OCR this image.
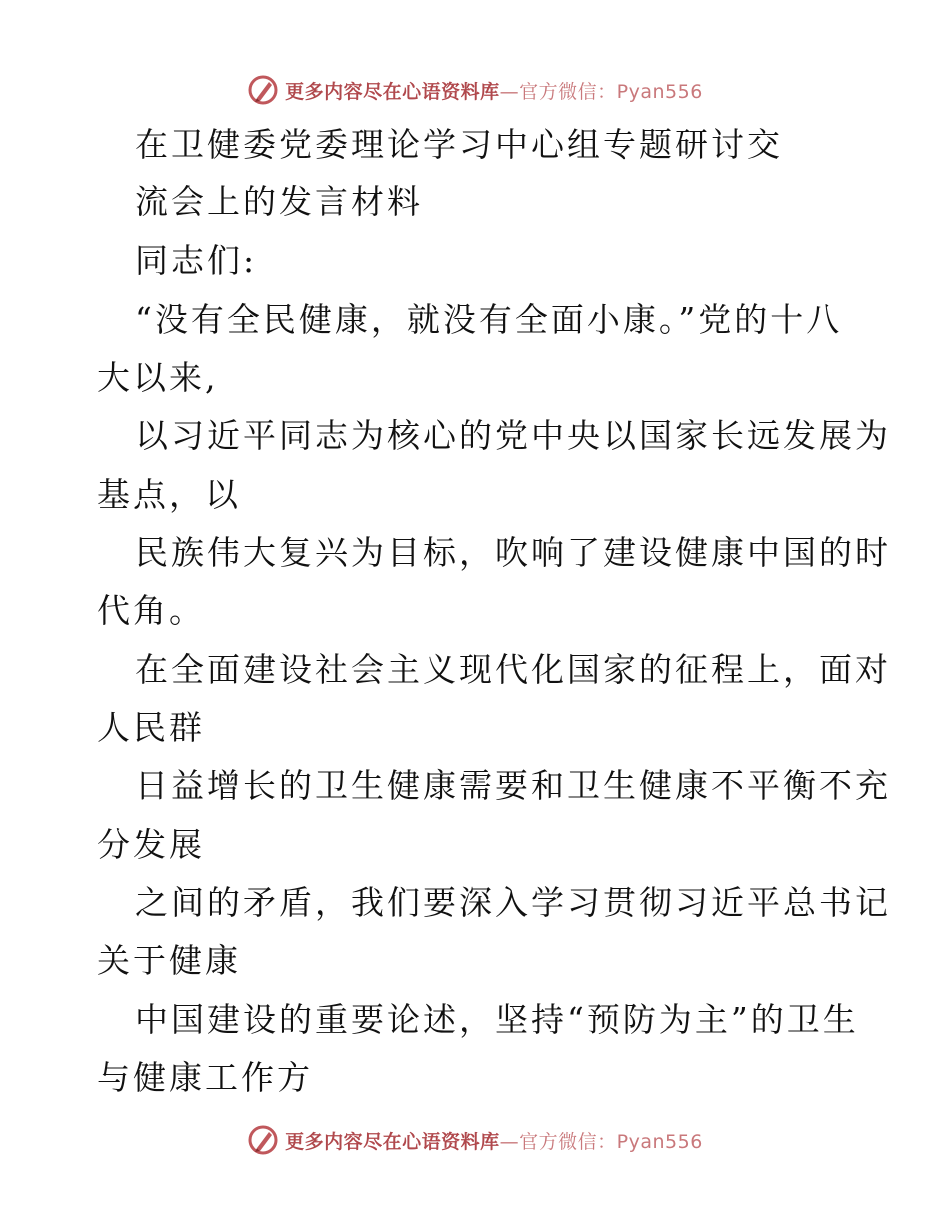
更多内容尽在心语资料库—官方微信：Pyan556
在卫健委党委理论学习中心组专题研讨交
流会上的发言材料
同志们:
“没有全民健康，就没有全面小康。”党的十八
大以来,
以习近平同志为核心的党中央以国家长远发展为
基点，以
民族伟大复兴为目标，吹响了建设健康中国的时
代角。
在全面建设社会主义现代化国家的征程上，面对
人民群
日益增长的卫生健康需要和卫生健康不平衡不充
分发展
之间的矛盾，我们要深入学习贯彻习近平总书记
关于健康
中国建设的重要论述，坚持“预防为主”的卫生
与健康工作方
更多内容尽在心语资料库—官方微信：Pyan556
